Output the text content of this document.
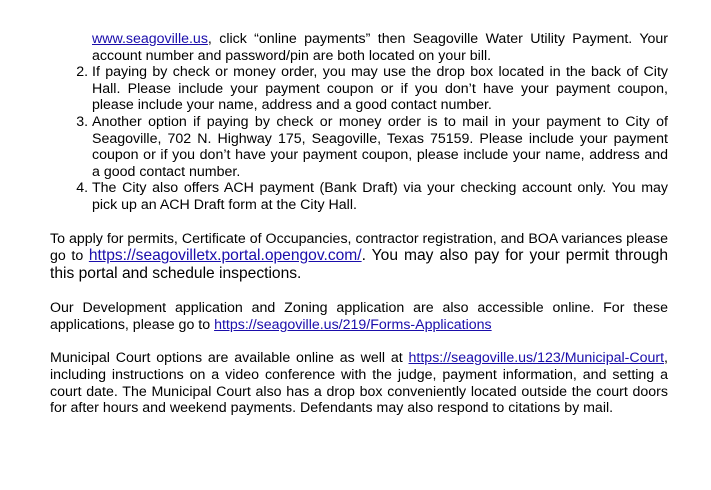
www.seagoville.us, click “online payments” then Seagoville Water Utility Payment. Your account number and password/pin are both located on your bill.
2. If paying by check or money order, you may use the drop box located in the back of City Hall. Please include your payment coupon or if you don’t have your payment coupon, please include your name, address and a good contact number.
3. Another option if paying by check or money order is to mail in your payment to City of Seagoville, 702 N. Highway 175, Seagoville, Texas 75159. Please include your payment coupon or if you don’t have your payment coupon, please include your name, address and a good contact number.
4. The City also offers ACH payment (Bank Draft) via your checking account only. You may pick up an ACH Draft form at the City Hall.

To apply for permits, Certificate of Occupancies, contractor registration, and BOA variances please go to https://seagovilletx.portal.opengov.com/. You may also pay for your permit through this portal and schedule inspections.

Our Development application and Zoning application are also accessible online. For these applications, please go to https://seagoville.us/219/Forms-Applications

Municipal Court options are available online as well at https://seagoville.us/123/Municipal-Court, including instructions on a video conference with the judge, payment information, and setting a court date. The Municipal Court also has a drop box conveniently located outside the court doors for after hours and weekend payments. Defendants may also respond to citations by mail.
